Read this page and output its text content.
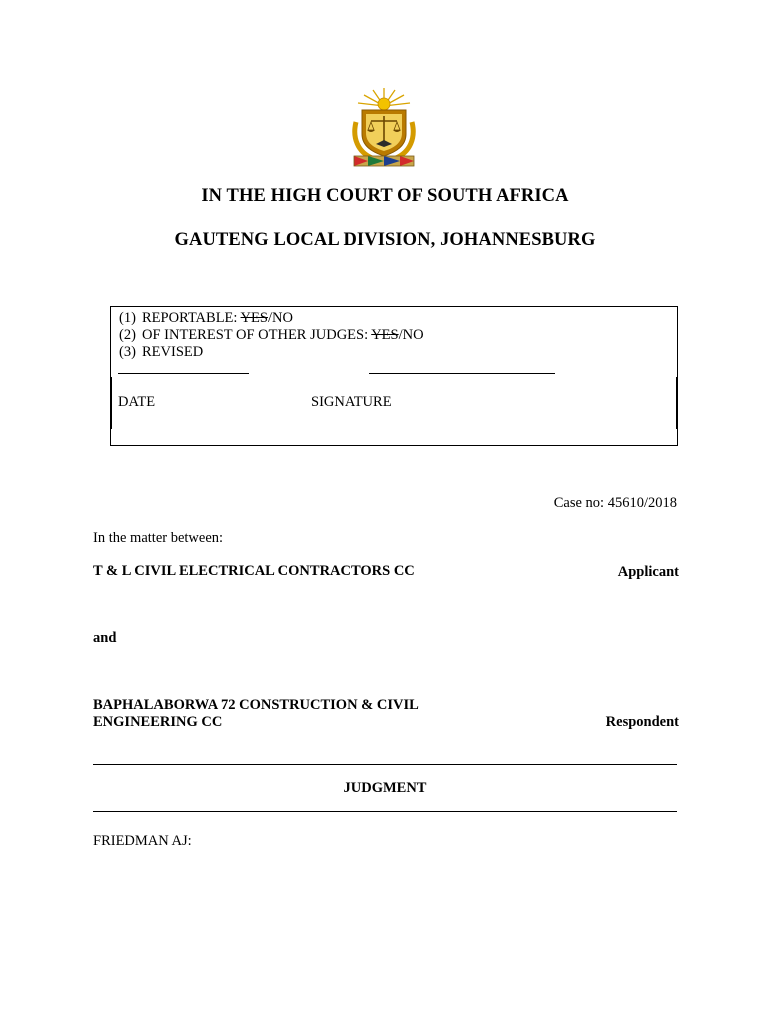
IN THE HIGH COURT OF SOUTH AFRICA
GAUTENG LOCAL DIVISION, JOHANNESBURG
(1) REPORTABLE: YES/NO
(2) OF INTEREST OF OTHER JUDGES: YES/NO
(3) REVISED
DATE	SIGNATURE
Case no: 45610/2018
In the matter between:
T & L CIVIL ELECTRICAL CONTRACTORS CC	Applicant
and
BAPHALABORWA 72 CONSTRUCTION & CIVIL
ENGINEERING CC	Respondent
JUDGMENT
FRIEDMAN AJ:
